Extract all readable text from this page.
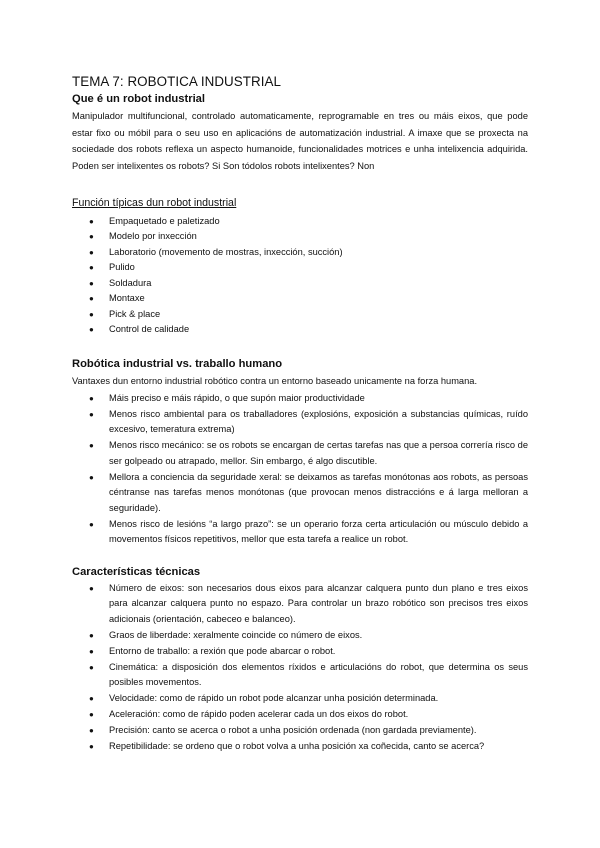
TEMA 7: ROBOTICA INDUSTRIAL
Que é un robot industrial

Manipulador multifuncional, controlado automaticamente, reprogramable en tres ou máis eixos, que pode estar fixo ou móbil para o seu uso en aplicacións de automatización industrial. A imaxe que se proxecta na sociedade dos robots reflexa un aspecto humanoide, funcionalidades motrices e unha intelixencia adquirida. Poden ser intelixentes os robots? Si Son tódolos robots intelixentes? Non

Función típicas dun robot industrial
● Empaquetado e paletizado
● Modelo por inxección
● Laboratorio (movemento de mostras, inxección, succión)
● Pulido
● Soldadura
● Montaxe
● Pick & place
● Control de calidade
Robótica industrial vs. traballo humano

Vantaxes dun entorno industrial robótico contra un entorno baseado unicamente na forza humana.

● Máis preciso e máis rápido, o que supón maior productividade
● Menos risco ambiental para os traballadores (explosións, exposición a substancias químicas, ruído excesivo, temeratura extrema)
● Menos risco mecánico: se os robots se encargan de certas tarefas nas que a persoa correría risco de ser golpeado ou atrapado, mellor. Sin embargo, é algo discutible.
● Mellora a conciencia da seguridade xeral: se deixamos as tarefas monótonas aos robots, as persoas céntranse nas tarefas menos monótonas (que provocan menos distraccións e á larga melloran a seguridade).
● Menos risco de lesións “a largo prazo”: se un operario forza certa articulación ou músculo debido a movementos físicos repetitivos, mellor que esta tarefa a realice un robot.
Características técnicas
● Número de eixos: son necesarios dous eixos para alcanzar calquera punto dun plano e tres eixos para alcanzar calquera punto no espazo. Para controlar un brazo robótico son precisos tres eixos adicionais (orientación, cabeceo e balanceo).
● Graos de liberdade: xeralmente coincide co número de eixos.
● Entorno de traballo: a rexión que pode abarcar o robot.
● Cinemática: a disposición dos elementos ríxidos e articulacións do robot, que determina os seus posibles movementos.
● Velocidade: como de rápido un robot pode alcanzar unha posición determinada.
● Aceleración: como de rápido poden acelerar cada un dos eixos do robot.
● Precisión: canto se acerca o robot a unha posición ordenada (non gardada previamente).
● Repetibilidade: se ordeno que o robot volva a unha posición xa coñecida, canto se acerca?
